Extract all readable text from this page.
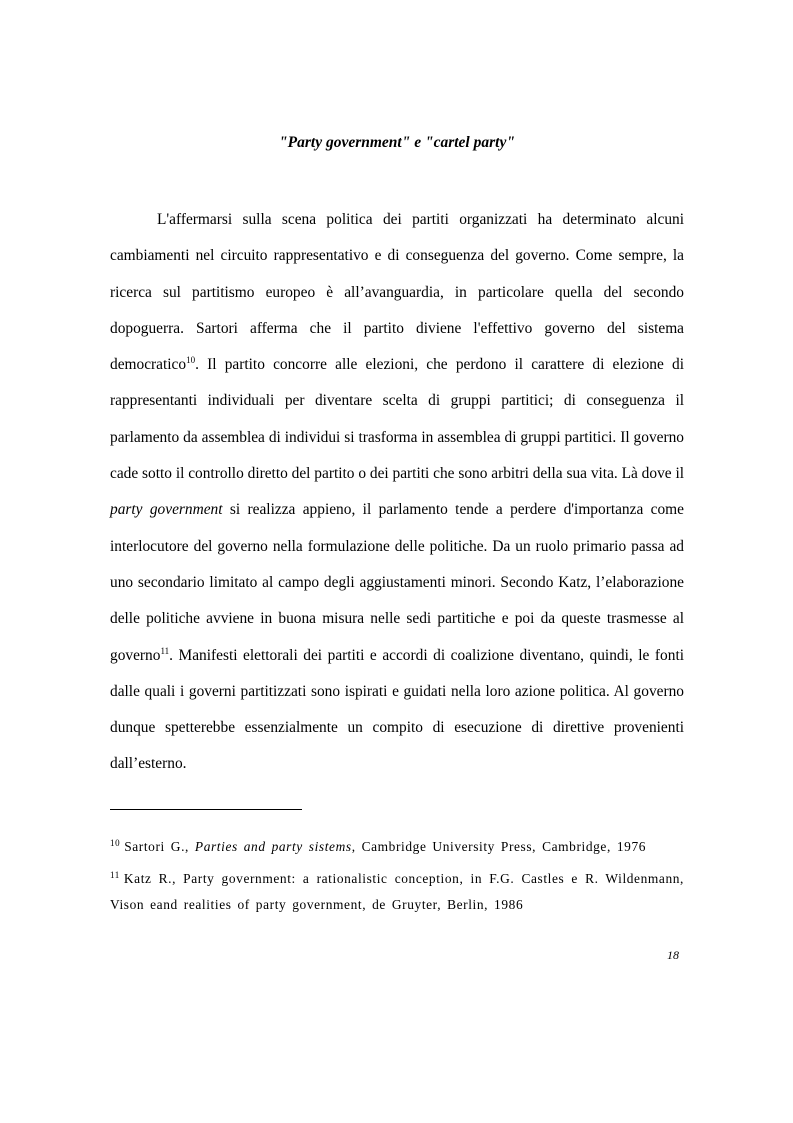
"Party government" e "cartel party"

L'affermarsi sulla scena politica dei partiti organizzati ha determinato alcuni cambiamenti nel circuito rappresentativo e di conseguenza del governo. Come sempre, la ricerca sul partitismo europeo è all’avanguardia, in particolare quella del secondo dopoguerra. Sartori afferma che il partito diviene l'effettivo governo del sistema democratico$^{10}$. Il partito concorre alle elezioni, che perdono il carattere di elezione di rappresentanti individuali per diventare scelta di gruppi partitici; di conseguenza il parlamento da assemblea di individui si trasforma in assemblea di gruppi partitici. Il governo cade sotto il controllo diretto del partito o dei partiti che sono arbitri della sua vita. Là dove il party government si realizza appieno, il parlamento tende a perdere d'importanza come interlocutore del governo nella formulazione delle politiche. Da un ruolo primario passa ad uno secondario limitato al campo degli aggiustamenti minori. Secondo Katz, l’elaborazione delle politiche avviene in buona misura nelle sedi partitiche e poi da queste trasmesse al governo$^{11}$. Manifesti elettorali dei partiti e accordi di coalizione diventano, quindi, le fonti dalle quali i governi partitizzati sono ispirati e guidati nella loro azione politica. Al governo dunque spetterebbe essenzialmente un compito di esecuzione di direttive provenienti dall’esterno.

$^{10}$ Sartori G., Parties and party sistems, Cambridge University Press, Cambridge, 1976

$^{11}$ Katz R., Party government: a rationalistic conception, in F.G. Castles e R. Wildenmann, Vison eand realities of party government, de Gruyter, Berlin, 1986

18
